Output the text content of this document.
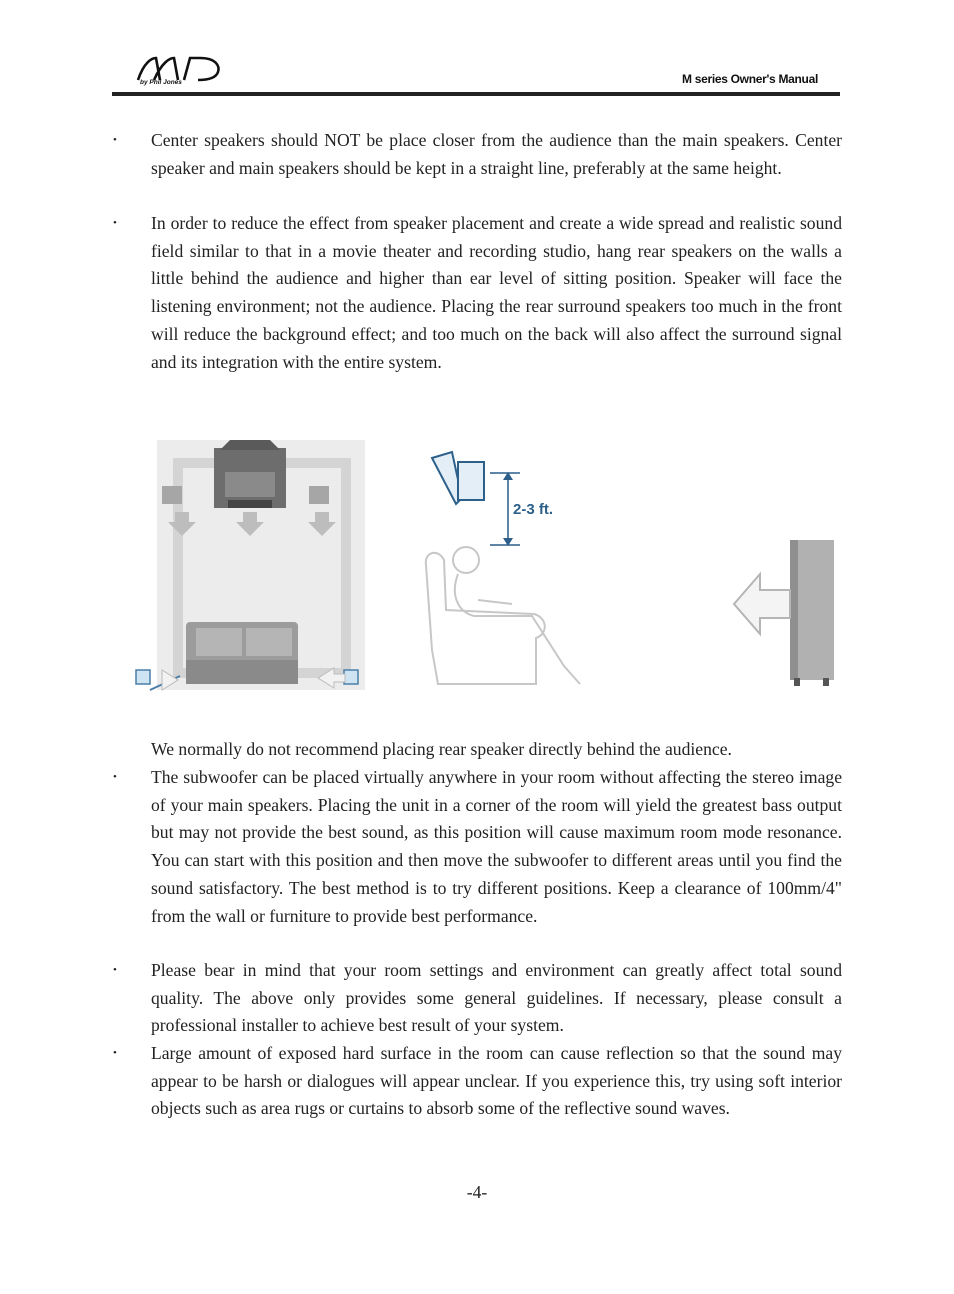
by Phil Jones	M series Owner's Manual
• Center speakers should NOT be place closer from the audience than the main speakers. Center speaker and main speakers should be kept in a straight line, preferably at the same height.

• In order to reduce the effect from speaker placement and create a wide spread and realistic sound field similar to that in a movie theater and recording studio, hang rear speakers on the walls a little behind the audience and higher than ear level of sitting position. Speaker will face the listening environment; not the audience. Placing the rear surround speakers too much in the front will reduce the background effect; and too much on the back will also affect the surround signal and its integration with the entire system.

2-3 ft.

We normally do not recommend placing rear speaker directly behind the audience.

• The subwoofer can be placed virtually anywhere in your room without affecting the stereo image of your main speakers. Placing the unit in a corner of the room will yield the greatest bass output but may not provide the best sound, as this position will cause maximum room mode resonance. You can start with this position and then move the subwoofer to different areas until you find the sound satisfactory. The best method is to try different positions. Keep a clearance of 100mm/4" from the wall or furniture to provide best performance.

• Please bear in mind that your room settings and environment can greatly affect total sound quality. The above only provides some general guidelines. If necessary, please consult a professional installer to achieve best result of your system.

• Large amount of exposed hard surface in the room can cause reflection so that the sound may appear to be harsh or dialogues will appear unclear. If you experience this, try using soft interior objects such as area rugs or curtains to absorb some of the reflective sound waves.

-4-
